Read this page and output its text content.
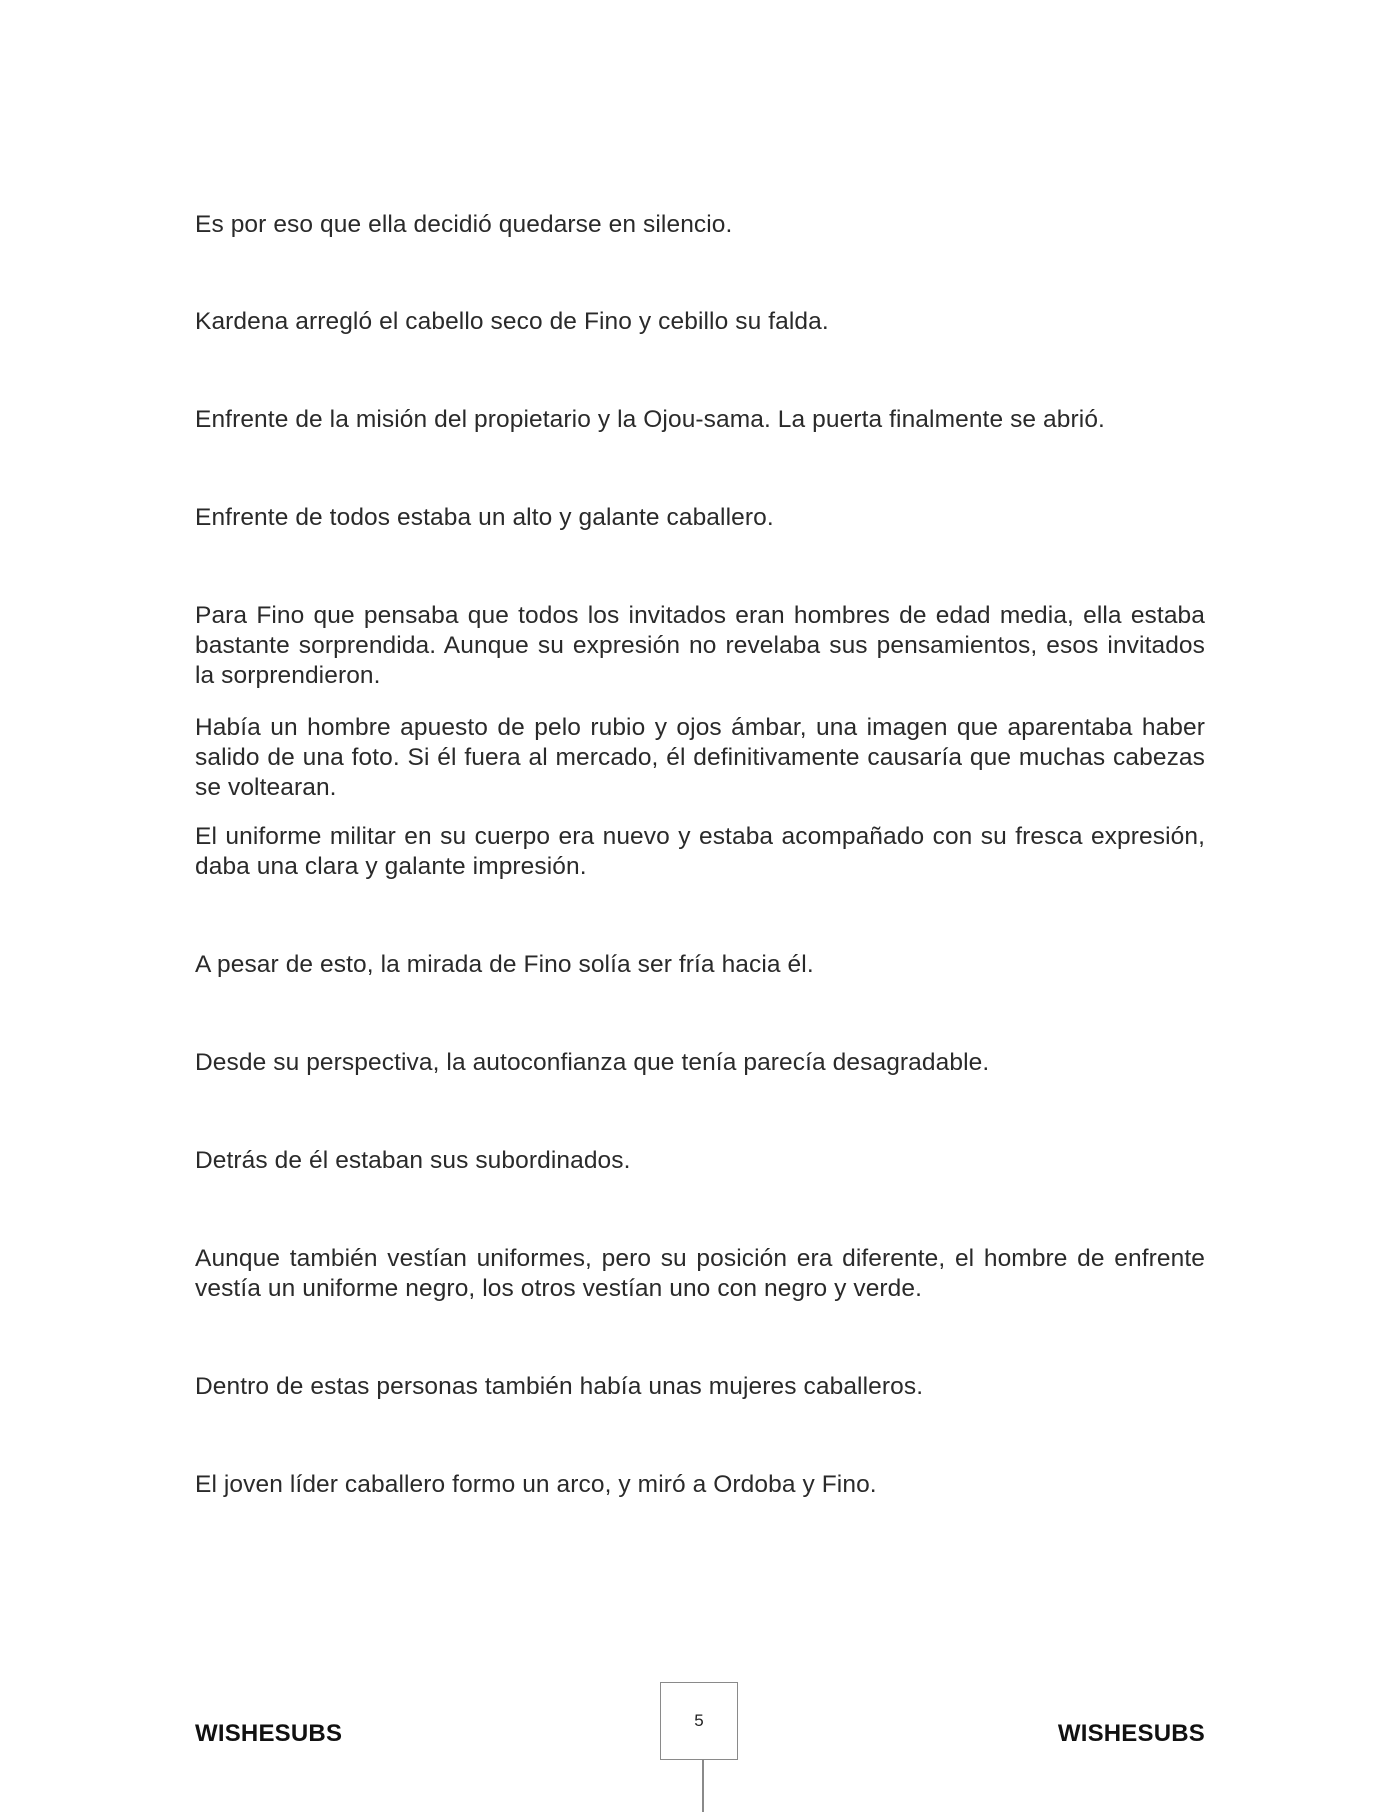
Es por eso que ella decidió quedarse en silencio.

Kardena arregló el cabello seco de Fino y cebillo su falda.

Enfrente de la misión del propietario y la Ojou-sama. La puerta finalmente se abrió.

Enfrente de todos estaba un alto y galante caballero.

Para Fino que pensaba que todos los invitados eran hombres de edad media, ella estaba bastante sorprendida. Aunque su expresión no revelaba sus pensamientos, esos invitados la sorprendieron.

Había un hombre apuesto de pelo rubio y ojos ámbar, una imagen que aparentaba haber salido de una foto. Si él fuera al mercado, él definitivamente causaría que muchas cabezas se voltearan.

El uniforme militar en su cuerpo era nuevo y estaba acompañado con su fresca expresión, daba una clara y galante impresión.

A pesar de esto, la mirada de Fino solía ser fría hacia él.

Desde su perspectiva, la autoconfianza que tenía parecía desagradable.

Detrás de él estaban sus subordinados.

Aunque también vestían uniformes, pero su posición era diferente, el hombre de enfrente vestía un uniforme negro, los otros vestían uno con negro y verde.

Dentro de estas personas también había unas mujeres caballeros.

El joven líder caballero formo un arco, y miró a Ordoba y Fino.

WISHESUBS	5	WISHESUBS
